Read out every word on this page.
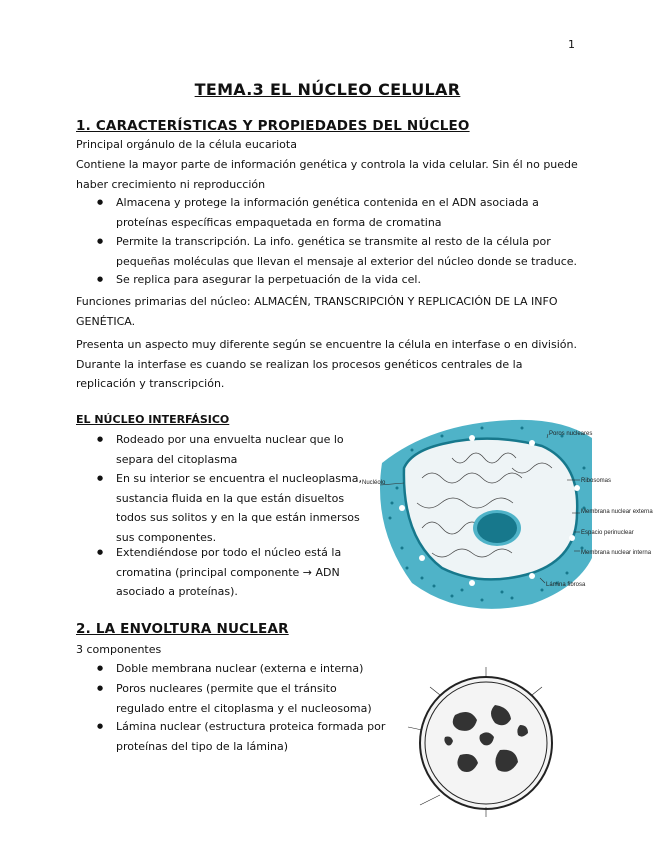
1
TEMA.3 EL NÚCLEO CELULAR
1. CARACTERÍSTICAS Y PROPIEDADES DEL NÚCLEO
Principal orgánulo de la célula eucariota
Contiene la mayor parte de información genética y controla la vida celular. Sin él no puede haber crecimiento ni reproducción
● Almacena y protege la información genética contenida en el ADN asociada a proteínas específicas empaquetada en forma de cromatina
● Permite la transcripción. La info. genética se transmite al resto de la célula por pequeñas moléculas que llevan el mensaje al exterior del núcleo donde se traduce.
● Se replica para asegurar la perpetuación de la vida cel.
Funciones primarias del núcleo: ALMACÉN, TRANSCRIPCIÓN Y REPLICACIÓN DE LA INFO GENÉTICA.
Presenta un aspecto muy diferente según se encuentre la célula en interfase o en división. Durante la interfase es cuando se realizan los procesos genéticos centrales de la replicación y transcripción.
EL NÚCLEO INTERFÁSICO
● Rodeado por una envuelta nuclear que lo separa del citoplasma
● En su interior se encuentra el nucleoplasma, sustancia fluida en la que están disueltos todos sus solitos y en la que están inmersos sus componentes.
● Extendiéndose por todo el núcleo está la cromatina (principal componente → ADN asociado a proteínas).
Poros nucleares
Nucléolo	Ribosomas
Membrana nuclear externa
Espacio perinuclear
Membrana nuclear interna
Lámina fibrosa
2. LA ENVOLTURA NUCLEAR
3 componentes
● Doble membrana nuclear (externa e interna)
● Poros nucleares (permite que el tránsito regulado entre el citoplasma y el nucleosoma)
● Lámina nuclear (estructura proteica formada por proteínas del tipo de la lámina)
